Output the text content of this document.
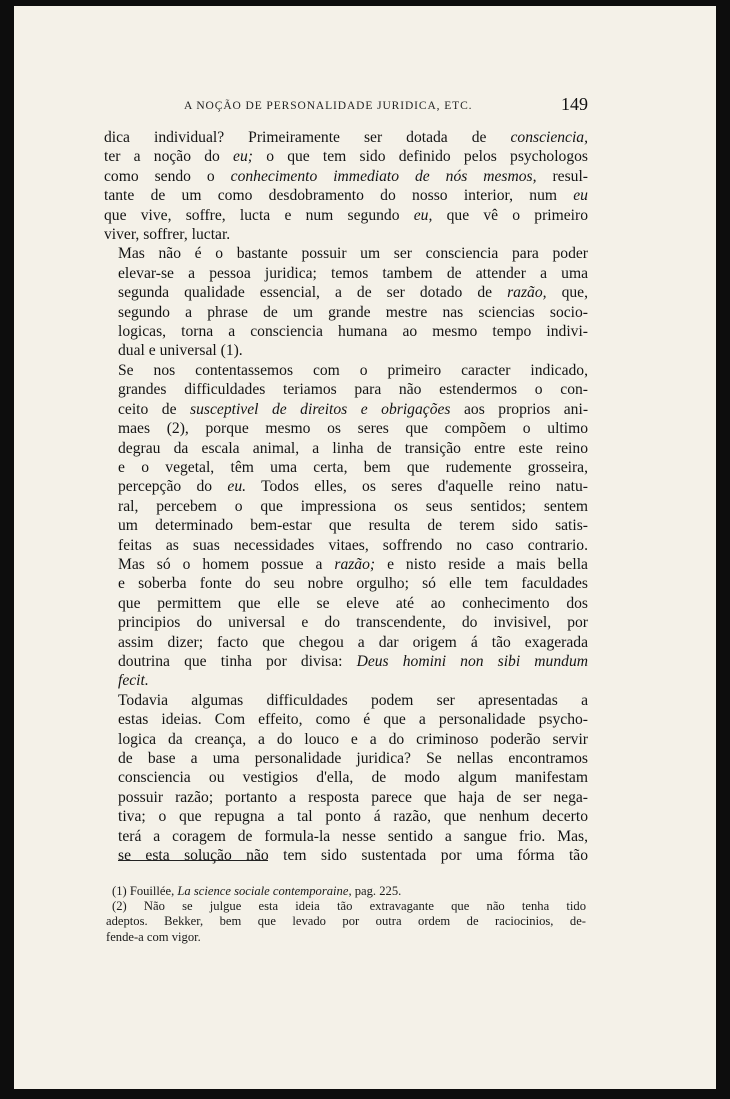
A NOÇÃO DE PERSONALIDADE JURIDICA, ETC.	149

dica individual? Primeiramente ser dotada de consciencia,
ter a noção do eu; o que tem sido definido pelos psychologos
como sendo o conhecimento immediato de nós mesmos, resul-
tante de um como desdobramento do nosso interior, num eu
que vive, soffre, lucta e num segundo eu, que vê o primeiro
viver, soffrer, luctar.

Mas não é o bastante possuir um ser consciencia para poder
elevar-se a pessoa juridica; temos tambem de attender a uma
segunda qualidade essencial, a de ser dotado de razão, que,
segundo a phrase de um grande mestre nas sciencias socio-
logicas, torna a consciencia humana ao mesmo tempo indivi-
dual e universal (1).

Se nos contentassemos com o primeiro caracter indicado,
grandes difficuldades teriamos para não estendermos o con-
ceito de susceptivel de direitos e obrigações aos proprios ani-
maes (2), porque mesmo os seres que compõem o ultimo
degrau da escala animal, a linha de transição entre este reino
e o vegetal, têm uma certa, bem que rudemente grosseira,
percepção do eu. Todos elles, os seres d'aquelle reino natu-
ral, percebem o que impressiona os seus sentidos; sentem
um determinado bem-estar que resulta de terem sido satis-
feitas as suas necessidades vitaes, soffrendo no caso contrario.
Mas só o homem possue a razão; e nisto reside a mais bella
e soberba fonte do seu nobre orgulho; só elle tem faculdades
que permittem que elle se eleve até ao conhecimento dos
principios do universal e do transcendente, do invisivel, por
assim dizer; facto que chegou a dar origem á tão exagerada
doutrina que tinha por divisa: Deus homini non sibi mundum
fecit.

Todavia algumas difficuldades podem ser apresentadas a
estas ideias. Com effeito, como é que a personalidade psycho-
logica da creança, a do louco e a do criminoso poderão servir
de base a uma personalidade juridica? Se nellas encontramos
consciencia ou vestigios d'ella, de modo algum manifestam
possuir razão; portanto a resposta parece que haja de ser nega-
tiva; o que repugna a tal ponto á razão, que nenhum decerto
terá a coragem de formula-la nesse sentido a sangue frio. Mas,
se esta solução não tem sido sustentada por uma fórma tão

(1) Fouillée, La science sociale contemporaine, pag. 225.

(2) Não se julgue esta ideia tão extravagante que não tenha tido
adeptos. Bekker, bem que levado por outra ordem de raciocinios, de-
fende-a com vigor.
